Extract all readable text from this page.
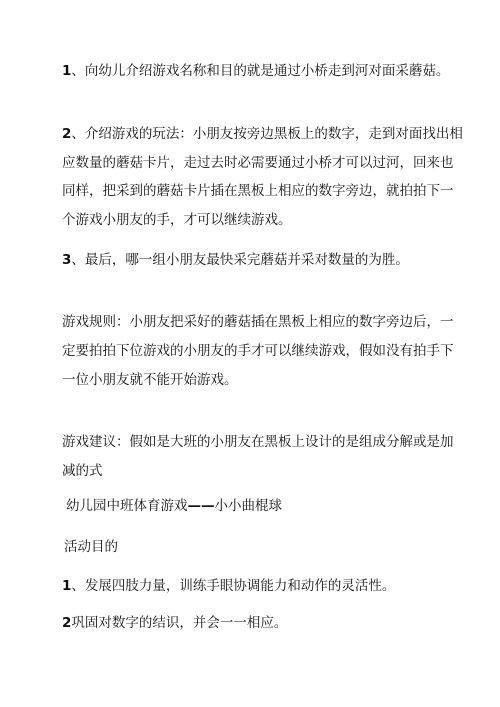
1、向幼儿介绍游戏名称和目的就是通过小桥走到河对面采蘑菇。
2、介绍游戏的玩法：小朋友按旁边黑板上的数字，走到对面找出相
应数量的蘑菇卡片，走过去时必需要通过小桥才可以过河，回来也
同样，把采到的蘑菇卡片插在黑板上相应的数字旁边，就拍拍下一
个游戏小朋友的手，才可以继续游戏。
3、最后，哪一组小朋友最快采完蘑菇并采对数量的为胜。
游戏规则：小朋友把采好的蘑菇插在黑板上相应的数字旁边后，一
定要拍拍下位游戏的小朋友的手才可以继续游戏，假如没有拍手下
一位小朋友就不能开始游戏。
游戏建议：假如是大班的小朋友在黑板上设计的是组成分解或是加
减的式
幼儿园中班体育游戏——小小曲棍球
活动目的
1、发展四肢力量，训练手眼协调能力和动作的灵活性。
2巩固对数字的结识，并会一一相应。
